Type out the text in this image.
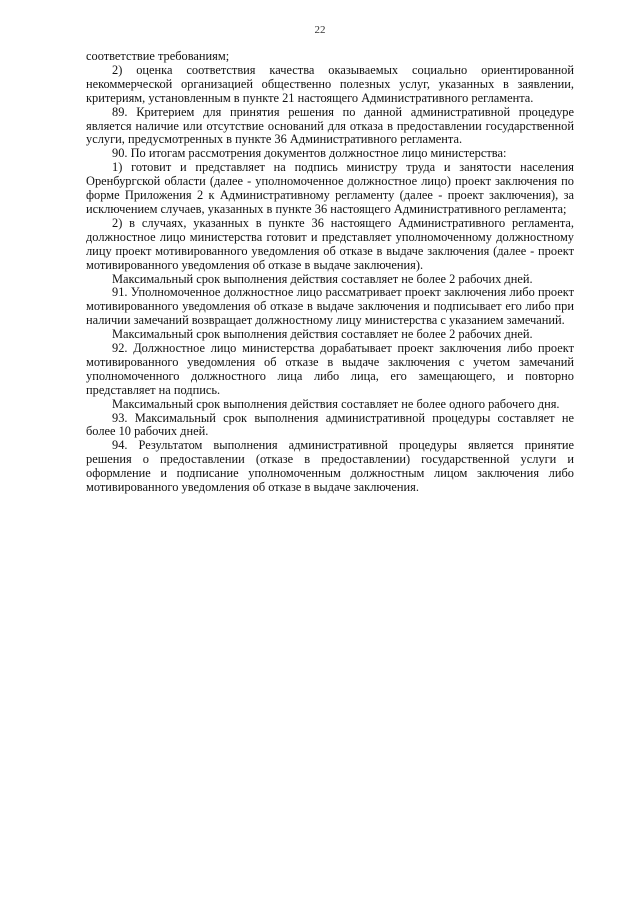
22

соответствие требованиям;

2) оценка соответствия качества оказываемых социально ориентированной некоммерческой организацией общественно полезных услуг, указанных в заявлении, критериям, установленным в пункте 21 настоящего Административного регламента.

89. Критерием для принятия решения по данной административной процедуре является наличие или отсутствие оснований для отказа в предоставлении государственной услуги, предусмотренных в пункте 36 Административного регламента.

90. По итогам рассмотрения документов должностное лицо министерства:

1) готовит и представляет на подпись министру труда и занятости населения Оренбургской области (далее - уполномоченное должностное лицо) проект заключения по форме Приложения 2 к Административному регламенту (далее - проект заключения), за исключением случаев, указанных в пункте 36 настоящего Административного регламента;

2) в случаях, указанных в пункте 36 настоящего Административного регламента, должностное лицо министерства готовит и представляет уполномоченному должностному лицу проект мотивированного уведомления об отказе в выдаче заключения (далее - проект мотивированного уведомления об отказе в выдаче заключения).

Максимальный срок выполнения действия составляет не более 2 рабочих дней.

91. Уполномоченное должностное лицо рассматривает проект заключения либо проект мотивированного уведомления об отказе в выдаче заключения и подписывает его либо при наличии замечаний возвращает должностному лицу министерства с указанием замечаний.

Максимальный срок выполнения действия составляет не более 2 рабочих дней.

92. Должностное лицо министерства дорабатывает проект заключения либо проект мотивированного уведомления об отказе в выдаче заключения с учетом замечаний уполномоченного должностного лица либо лица, его замещающего, и повторно представляет на подпись.

Максимальный срок выполнения действия составляет не более одного рабочего дня.

93. Максимальный срок выполнения административной процедуры составляет не более 10 рабочих дней.

94. Результатом выполнения административной процедуры является принятие решения о предоставлении (отказе в предоставлении) государственной услуги и оформление и подписание уполномоченным должностным лицом заключения либо мотивированного уведомления об отказе в выдаче заключения.
